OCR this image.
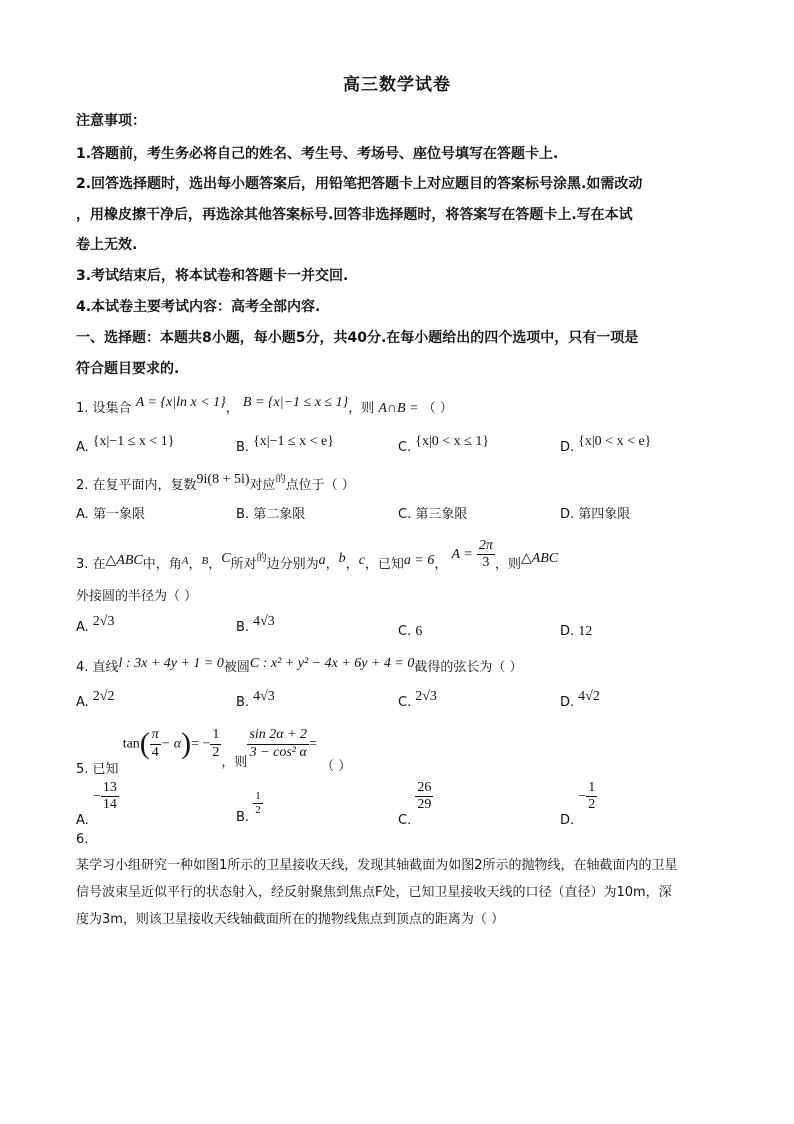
高三数学试卷
注意事项：
1.答题前，考生务必将自己的姓名、考生号、考场号、座位号填写在答题卡上.
2.回答选择题时，选出每小题答案后，用铅笔把答题卡上对应题目的答案标号涂黑.如需改动
，用橡皮擦干净后，再选涂其他答案标号.回答非选择题时，将答案写在答题卡上.写在本试
卷上无效.
3.考试结束后，将本试卷和答题卡一并交回.
4.本试卷主要考试内容：高考全部内容.
一、选择题：本题共8小题，每小题5分，共40分.在每小题给出的四个选项中，只有一项是
符合题目要求的.
1. 设集合 A = {x|ln x < 1}， B = {x|−1 ≤ x ≤ 1}，则 A∩B = （ ）
A. {x|−1 ≤ x < 1}	B. {x|−1 ≤ x < e}	C. {x|0 < x ≤ 1}	D. {x|0 < x < e}
2. 在复平面内，复数9i(8 + 5i)对应$^的$点位于（ ）
A. 第一象限	B. 第二象限	C. 第三象限	D. 第四象限
3. 在△ABC中，角$^A$，$^B$，C所对$^的$边分别为a，b，c，已知a = 6， $A = \frac{2\pi}{3}$ ，则△ABC
外接圆的半径为（ ）
A. 2√3	B. 4√3
C. 6	D. 12
4. 直线l : 3x + 4y + 1 = 0被圆C : x² + y² − 4x + 6y + 4 = 0截得的弦长为（ ）
A. 2√2	B. 4√3	C. 2√3	D. 4√2
5. 已知 $\tan( \frac{\pi}{4} - \alpha)= - \frac{1}{2}$
，则
$\frac{\sin 2\alpha + 2}{\text{3 − cos² α}}$ = （ ）
A. − $\frac{13}{14}$
B.
$\frac{1}{2}$
C.
$\frac{26}{29}$
D. − $\frac{1}{2}$
6.
某学习小组研究一种如图1所示的卫星接收天线，发现其轴截面为如图2所示的抛物线，在轴截面内的卫星
信号波束呈近似平行的状态射入，经反射聚焦到焦点F处，已知卫星接收天线的口径（直径）为10m，深
度为3m，则该卫星接收天线轴截面所在的抛物线焦点到顶点的距离为（ ）
